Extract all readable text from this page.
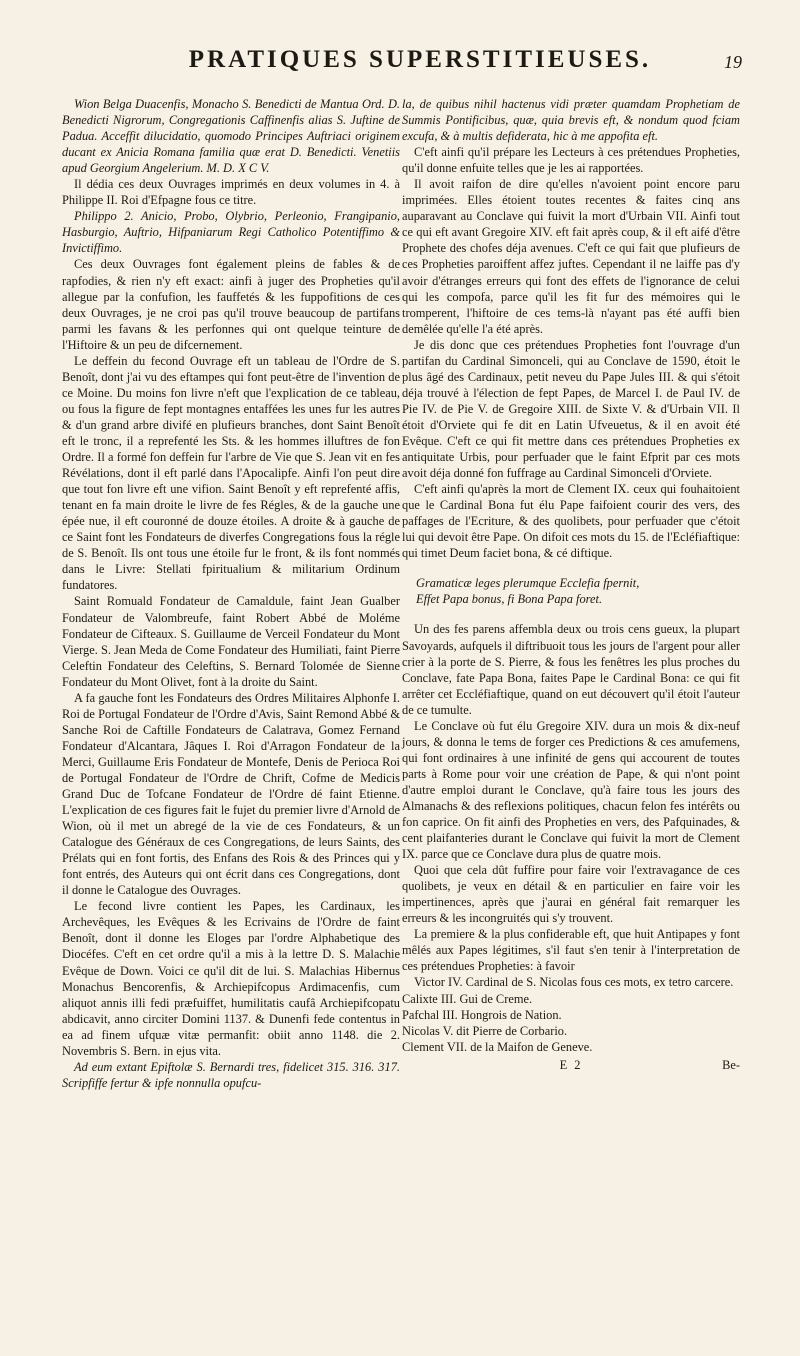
PRATIQUES SUPERSTITIEUSES.	19

Wion Belga Duacenfis, Monacho S. Benedicti de Mantua Ord. D. Benedicti Nigrorum, Congregationis Caffinenfis alias S. Juftine de Padua. Acceffit dilucidatio, quomodo Principes Auftriaci originem ducant ex Anicia Romana familia quæ erat D. Benedicti. Venetiis apud Georgium Angelerium. M. D. X C V.

Il dédia ces deux Ouvrages imprimés en deux volumes in 4. à Philippe II. Roi d'Efpagne fous ce titre.

Philippo 2. Anicio, Probo, Olybrio, Perleonio, Frangipanio, Hasburgio, Auftrio, Hifpaniarum Regi Catholico Potentiffimo & Invictiffimo.

Ces deux Ouvrages font également pleins de fables & de rapfodies, & rien n'y eft exact: ainfi à juger des Propheties qu'il allegue par la confufion, les fauffetés & les fuppofitions de ces deux Ouvrages, je ne croi pas qu'il trouve beaucoup de partifans parmi les favans & les perfonnes qui ont quelque teinture de l'Hiftoire & un peu de difcernement.

Le deffein du fecond Ouvrage eft un tableau de l'Ordre de S. Benoît, dont j'ai vu des eftampes qui font peut-être de l'invention de ce Moine. Du moins fon livre n'eft que l'explication de ce tableau, ou fous la figure de fept montagnes entaffées les unes fur les autres & d'un grand arbre divifé en plufieurs branches, dont Saint Benoît eft le tronc, il a reprefenté les Sts. & les hommes illuftres de fon Ordre. Il a formé fon deffein fur l'arbre de Vie que S. Jean vit en fes Révélations, dont il eft parlé dans l'Apocalipfe. Ainfi l'on peut dire que tout fon livre eft une vifion. Saint Benoît y eft reprefenté affis, tenant en fa main droite le livre de fes Régles, & de la gauche une épée nue, il eft couronné de douze étoiles. A droite & à gauche de ce Saint font les Fondateurs de diverfes Congregations fous la régle de S. Benoît. Ils ont tous une étoile fur le front, & ils font nommés dans le Livre: Stellati fpiritualium & militarium Ordinum fundatores.

Saint Romuald Fondateur de Camaldule, faint Jean Gualber Fondateur de Valombreufe, faint Robert Abbé de Moléme Fondateur de Cifteaux. S. Guillaume de Verceil Fondateur du Mont Vierge. S. Jean Meda de Come Fondateur des Humiliati, faint Pierre Celeftin Fondateur des Celeftins, S. Bernard Tolomée de Sienne Fondateur du Mont Olivet, font à la droite du Saint.

A fa gauche font les Fondateurs des Ordres Militaires Alphonfe I. Roi de Portugal Fondateur de l'Ordre d'Avis, Saint Remond Abbé & Sanche Roi de Caftille Fondateurs de Calatrava, Gomez Fernand Fondateur d'Alcantara, Jâques I. Roi d'Arragon Fondateur de la Merci, Guillaume Eris Fondateur de Montefe, Denis de Perioca Roi de Portugal Fondateur de l'Ordre de Chrift, Cofme de Medicis Grand Duc de Tofcane Fondateur de l'Ordre dé faint Etienne. L'explication de ces figures fait le fujet du premier livre d'Arnold de Wion, où il met un abregé de la vie de ces Fondateurs, & un Catalogue des Généraux de ces Congregations, de leurs Saints, des Prélats qui en font fortis, des Enfans des Rois & des Princes qui y font entrés, des Auteurs qui ont écrit dans ces Congregations, dont il donne le Catalogue des Ouvrages.

Le fecond livre contient les Papes, les Cardinaux, les Archevêques, les Evêques & les Ecrivains de l'Ordre de faint Benoît, dont il donne les Eloges par l'ordre Alphabetique des Diocéfes. C'eft en cet ordre qu'il a mis à la lettre D. S. Malachie Evêque de Down. Voici ce qu'il dit de lui. S. Malachias Hibernus Monachus Bencorenfis, & Archiepifcopus Ardimacenfis, cum aliquot annis illi fedi præfuiffet, humilitatis caufâ Archiepifcopatu abdicavit, anno circiter Domini 1137. & Dunenfi fede contentus in ea ad finem ufquæ vitæ permanfit: obiit anno 1148. die 2. Novembris S. Bern. in ejus vita.

Ad eum extant Epiftolæ S. Bernardi tres, fidelicet 315. 316. 317. Scripfiffe fertur & ipfe nonnulla opufcu-

la, de quibus nihil hactenus vidi præter quamdam Prophetiam de Summis Pontificibus, quæ, quia brevis eft, & nondum quod fciam excufa, & à multis defiderata, hic à me appofita eft.

C'eft ainfi qu'il prépare les Lecteurs à ces prétendues Propheties, qu'il donne enfuite telles que je les ai rapportées.

Il avoit raifon de dire qu'elles n'avoient point encore paru imprimées. Elles étoient toutes recentes & faites cinq ans auparavant au Conclave qui fuivit la mort d'Urbain VII. Ainfi tout ce qui eft avant Gregoire XIV. eft fait après coup, & il eft aifé d'être Prophete des chofes déja avenues. C'eft ce qui fait que plufieurs de ces Propheties paroiffent affez juftes. Cependant il ne laiffe pas d'y avoir d'étranges erreurs qui font des effets de l'ignorance de celui qui les compofa, parce qu'il les fit fur des mémoires qui le tromperent, l'hiftoire de ces tems-là n'ayant pas été auffi bien demêlée qu'elle l'a été après.

Je dis donc que ces prétendues Propheties font l'ouvrage d'un partifan du Cardinal Simonceli, qui au Conclave de 1590, étoit le plus âgé des Cardinaux, petit neveu du Pape Jules III. & qui s'étoit déja trouvé à l'élection de fept Papes, de Marcel I. de Paul IV. de Pie IV. de Pie V. de Gregoire XIII. de Sixte V. & d'Urbain VII. Il étoit d'Orviete qui fe dit en Latin Ufveuetus, & il en avoit été Evêque. C'eft ce qui fit mettre dans ces prétendues Propheties ex antiquitate Urbis, pour perfuader que le faint Efprit par ces mots avoit déja donné fon fuffrage au Cardinal Simonceli d'Orviete.

C'eft ainfi qu'après la mort de Clement IX. ceux qui fouhaitoient que le Cardinal Bona fut élu Pape faifoient courir des vers, des paffages de l'Ecriture, & des quolibets, pour perfuader que c'étoit lui qui devoit être Pape. On difoit ces mots du 15. de l'Ecléfiaftique: qui timet Deum faciet bona, & cé diftique.

Gramaticæ leges plerumque Ecclefia fpernit,
Effet Papa bonus, fi Bona Papa foret.

Un des fes parens affembla deux ou trois cens gueux, la plupart Savoyards, aufquels il diftribuoit tous les jours de l'argent pour aller crier à la porte de S. Pierre, & fous les fenêtres les plus proches du Conclave, fate Papa Bona, faites Pape le Cardinal Bona: ce qui fit arrêter cet Eccléfiaftique, quand on eut découvert qu'il étoit l'auteur de ce tumulte.

Le Conclave où fut élu Gregoire XIV. dura un mois & dix-neuf jours, & donna le tems de forger ces Predictions & ces amufemens, qui font ordinaires à une infinité de gens qui accourent de toutes parts à Rome pour voir une création de Pape, & qui n'ont point d'autre emploi durant le Conclave, qu'à faire tous les jours des Almanachs & des reflexions politiques, chacun felon fes intérêts ou fon caprice. On fit ainfi des Propheties en vers, des Pafquinades, & cent plaifanteries durant le Conclave qui fuivit la mort de Clement IX. parce que ce Conclave dura plus de quatre mois.

Quoi que cela dût fuffire pour faire voir l'extravagance de ces quolibets, je veux en détail & en particulier en faire voir les impertinences, après que j'aurai en général fait remarquer les erreurs & les incongruités qui s'y trouvent.

La premiere & la plus confiderable eft, que huit Antipapes y font mêlés aux Papes légitimes, s'il faut s'en tenir à l'interpretation de ces prétendues Propheties: à favoir

Victor IV. Cardinal de S. Nicolas fous ces mots, ex tetro carcere.

Calixte III. Gui de Creme.

Pafchal III. Hongrois de Nation.

Nicolas V. dit Pierre de Corbario.

Clement VII. de la Maifon de Geneve.

E 2	Be-
